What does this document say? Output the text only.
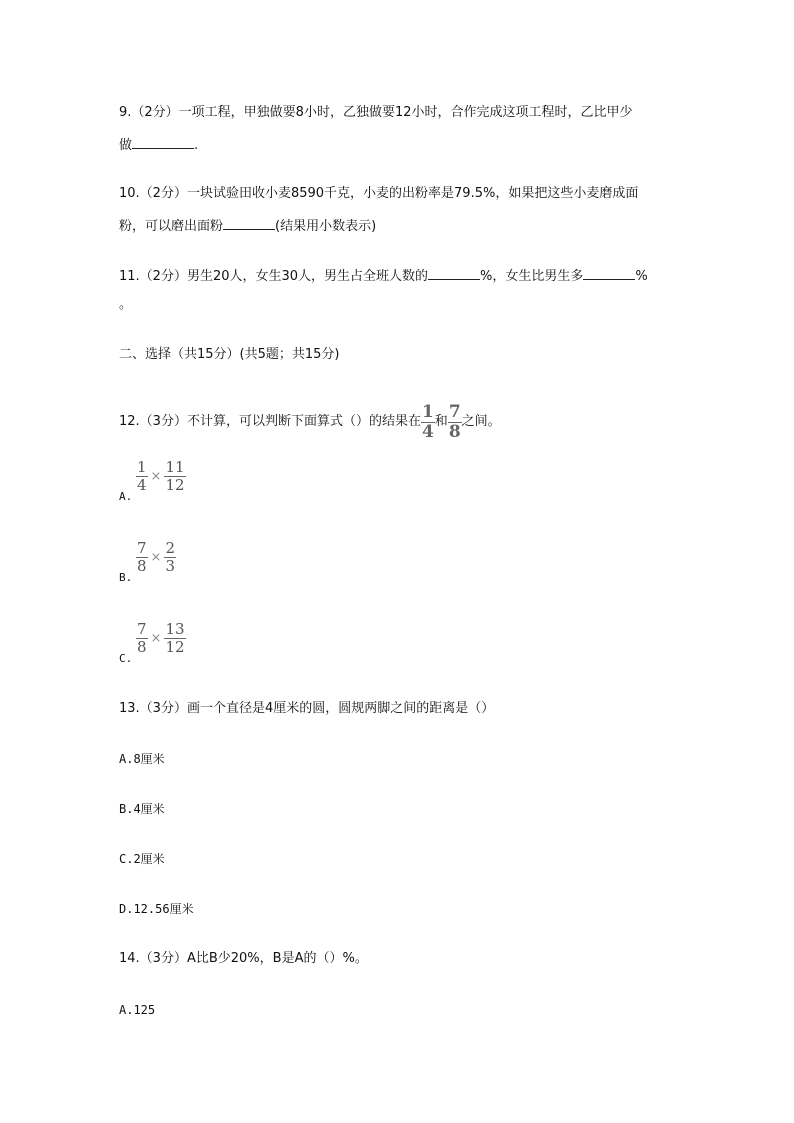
9.（2分）一项工程，甲独做要8小时，乙独做要12小时，合作完成这项工程时，乙比甲少
做	.
10.（2分）一块试验田收小麦8590千克，小麦的出粉率是79.5%，如果把这些小麦磨成面
粉，可以磨出面粉	(结果用小数表示)
11.（2分）男生20人，女生30人，男生占全班人数的	%，女生比男生多	%
。
二、选择（共15分）(共5题；共15分)
12.（3分）不计算，可以判断下面算式（）的结果在 $\frac{1}{4}$ 和 $\frac{7}{8}$ 之间。
A.
$\frac{1}{4} \times \frac{11}{12}$
B.
$\frac{7}{8} \times \frac{2}{3}$
C.
$\frac{7}{8} \times \frac{13}{12}$
13.（3分）画一个直径是4厘米的圆，圆规两脚之间的距离是（）
A.8厘米
B.4厘米
C.2厘米
D.12.56厘米
14.（3分）A比B少20%，B是A的（）%。
A.125
